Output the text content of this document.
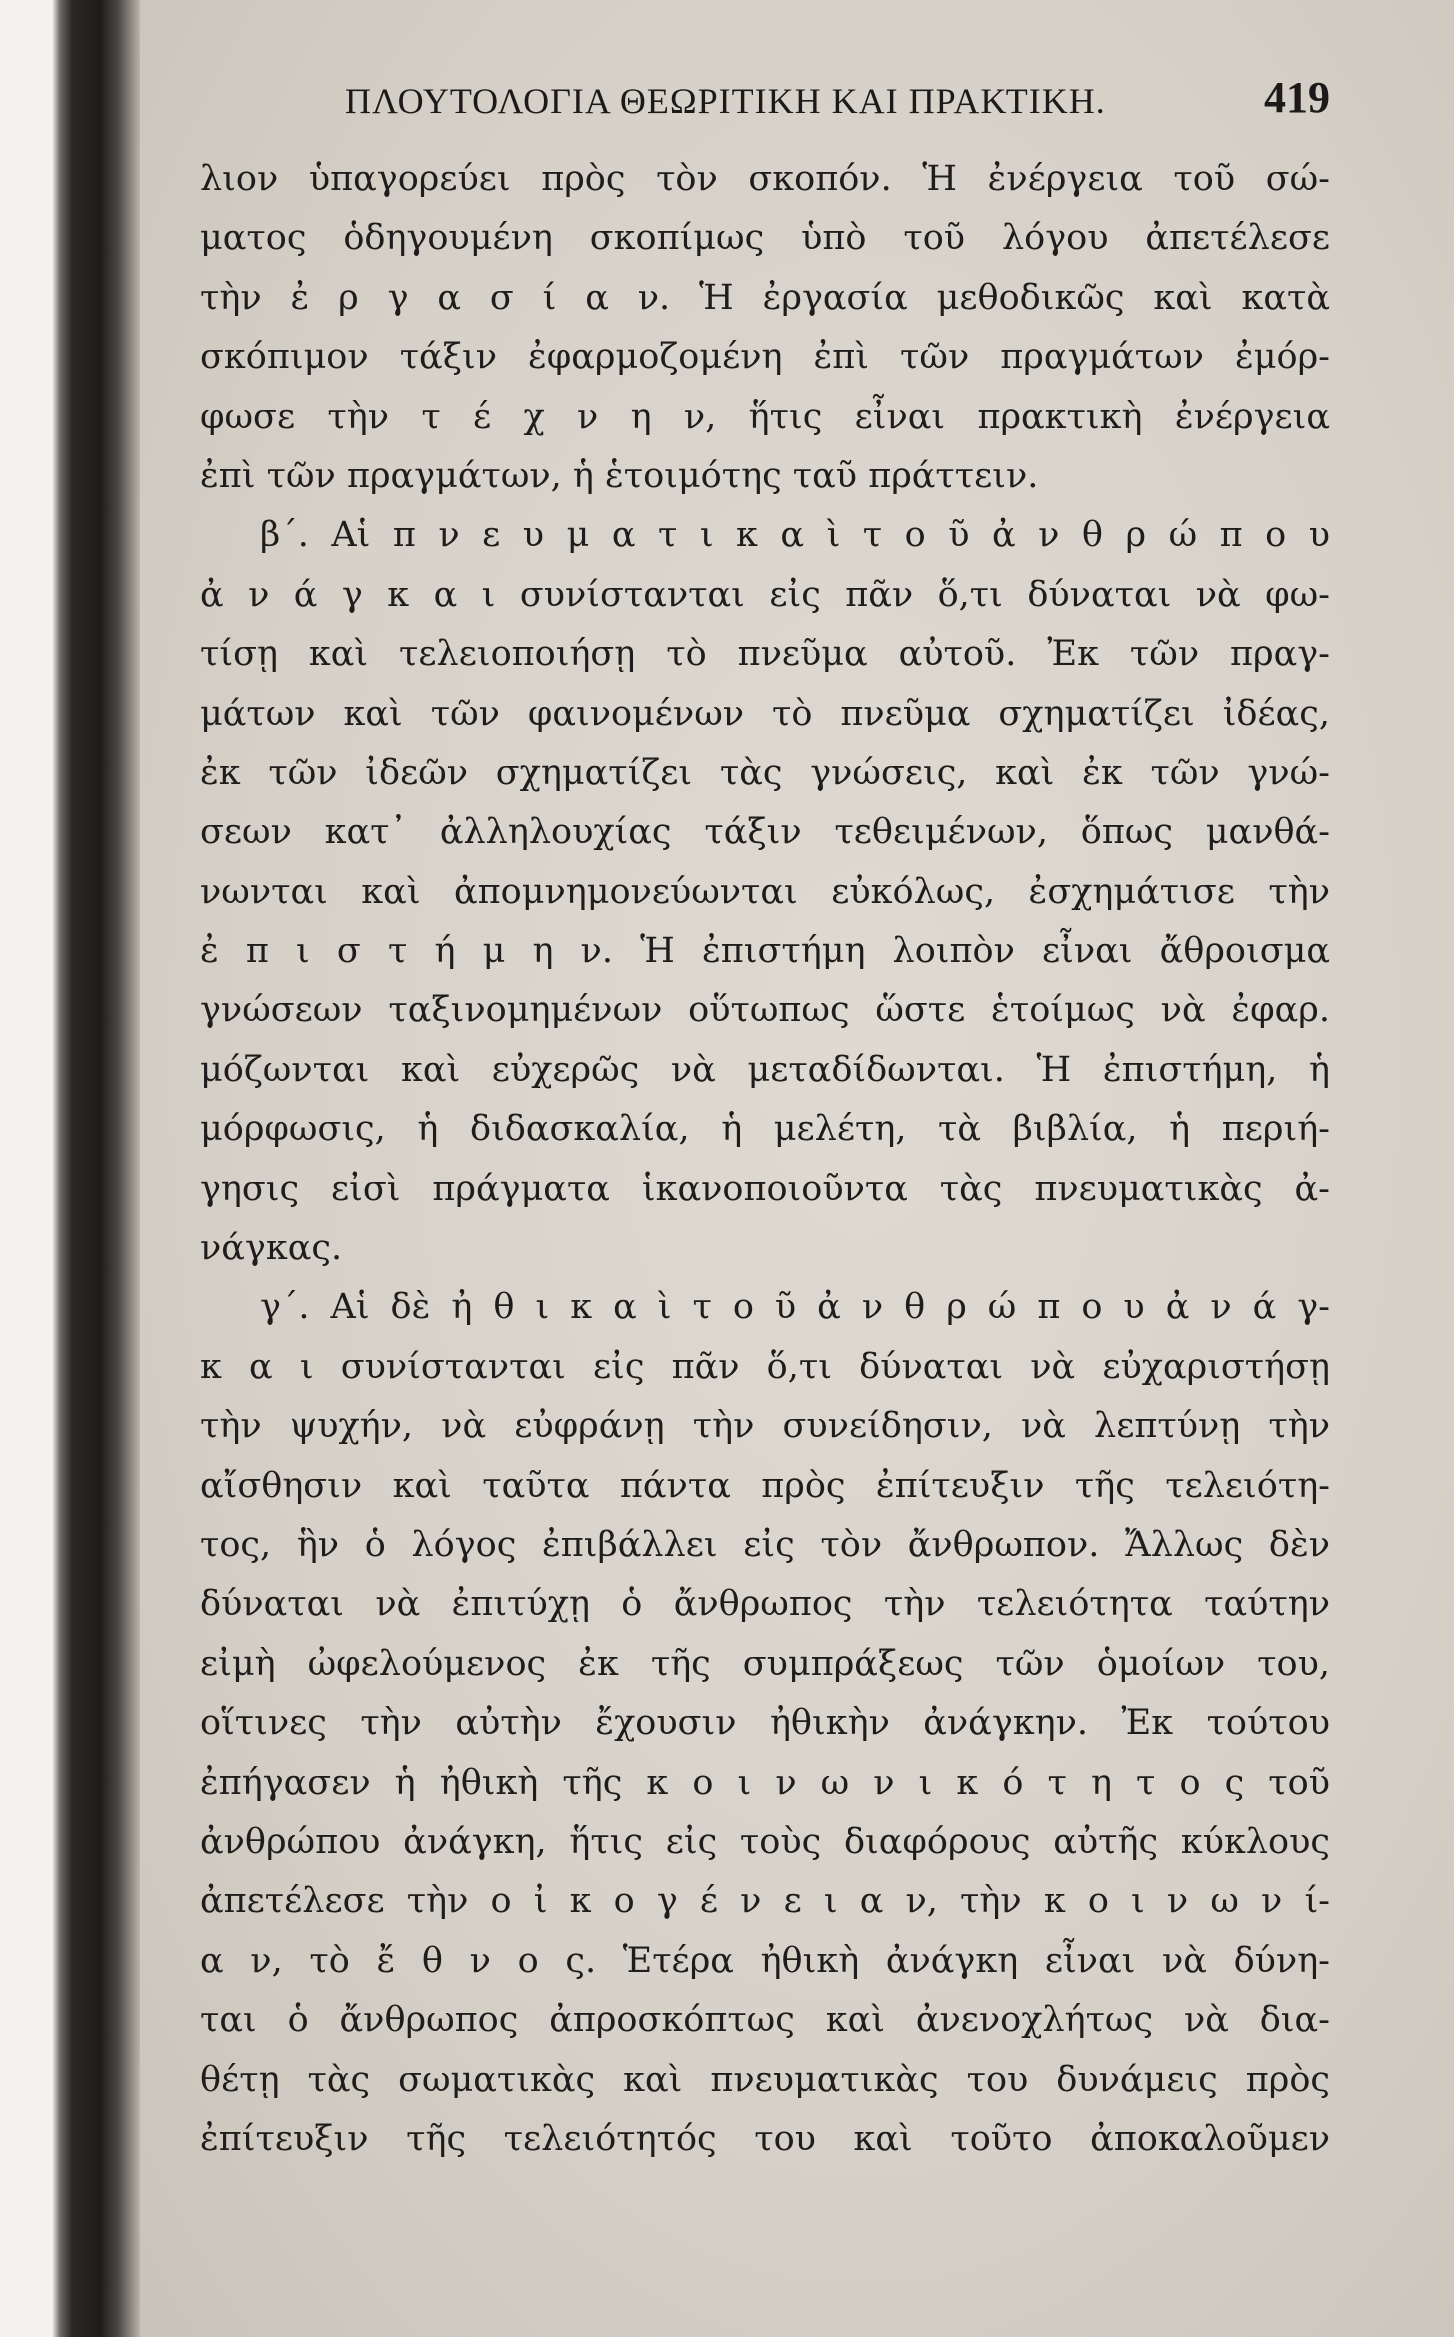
ΠΛΟΥΤΟΛΟΓΙΑ ΘΕΩΡΙΤΙΚΗ ΚΑΙ ΠΡΑΚΤΙΚΗ.	419
λιον ὑπαγορεύει πρὸς τὸν σκοπόν. Ἡ ἐνέργεια τοῦ σώ-
ματος ὁδηγουμένη σκοπίμως ὑπὸ τοῦ λόγου ἀπετέλεσε
τὴν ἐ ρ γ α σ ί α ν. Ἡ ἐργασία μεθοδικῶς καὶ κατὰ
σκόπιμον τάξιν ἐφαρμοζομένη ἐπὶ τῶν πραγμάτων ἐμόρ-
φωσε τὴν τ έ χ ν η ν, ἥτις εἶναι πρακτικὴ ἐνέργεια
ἐπὶ τῶν πραγμάτων, ἡ ἑτοιμότης ταῦ πράττειν.
β΄. Αἱ π ν ε υ μ α τ ι κ α ὶ τ ο ῦ ἀ ν θ ρ ώ π ο υ
ἀ ν ά γ κ α ι συνίστανται εἰς πᾶν ὅ,τι δύναται νὰ φω-
τίσῃ καὶ τελειοποιήσῃ τὸ πνεῦμα αὐτοῦ. Ἐκ τῶν πραγ-
μάτων καὶ τῶν φαινομένων τὸ πνεῦμα σχηματίζει ἰδέας,
ἐκ τῶν ἰδεῶν σχηματίζει τὰς γνώσεις, καὶ ἐκ τῶν γνώ-
σεων κατ᾽ ἀλληλουχίας τάξιν τεθειμένων, ὅπως μανθά-
νωνται καὶ ἀπομνημονεύωνται εὐκόλως, ἐσχημάτισε τὴν
ἐ π ι σ τ ή μ η ν. Ἡ ἐπιστήμη λοιπὸν εἶναι ἄθροισμα
γνώσεων ταξινομημένων οὕτωπως ὥστε ἑτοίμως νὰ ἐφαρ.
μόζωνται καὶ εὐχερῶς νὰ μεταδίδωνται. Ἡ ἐπιστήμη, ἡ
μόρφωσις, ἡ διδασκαλία, ἡ μελέτη, τὰ βιβλία, ἡ περιή-
γησις εἰσὶ πράγματα ἱκανοποιοῦντα τὰς πνευματικὰς ἀ-
νάγκας.
γ΄. Αἱ δὲ ἠ θ ι κ α ὶ τ ο ῦ ἀ ν θ ρ ώ π ο υ ἀ ν ά γ-
κ α ι συνίστανται εἰς πᾶν ὅ,τι δύναται νὰ εὐχαριστήσῃ
τὴν ψυχήν, νὰ εὐφράνῃ τὴν συνείδησιν, νὰ λεπτύνῃ τὴν
αἴσθησιν καὶ ταῦτα πάντα πρὸς ἐπίτευξιν τῆς τελειότη-
τος, ἣν ὁ λόγος ἐπιβάλλει εἰς τὸν ἄνθρωπον. Ἄλλως δὲν
δύναται νὰ ἐπιτύχῃ ὁ ἄνθρωπος τὴν τελειότητα ταύτην
εἰμὴ ὠφελούμενος ἐκ τῆς συμπράξεως τῶν ὁμοίων του,
οἵτινες τὴν αὐτὴν ἔχουσιν ἠθικὴν ἀνάγκην. Ἐκ τούτου
ἐπήγασεν ἡ ἠθικὴ τῆς κ ο ι ν ω ν ι κ ό τ η τ ο ς τοῦ
ἀνθρώπου ἀνάγκη, ἥτις εἰς τοὺς διαφόρους αὐτῆς κύκλους
ἀπετέλεσε τὴν ο ἰ κ ο γ έ ν ε ι α ν, τὴν κ ο ι ν ω ν ί-
α ν, τὸ ἔ θ ν ο ς. Ἑτέρα ἠθικὴ ἀνάγκη εἶναι νὰ δύνη-
ται ὁ ἄνθρωπος ἀπροσκόπτως καὶ ἀνενοχλήτως νὰ δια-
θέτῃ τὰς σωματικὰς καὶ πνευματικὰς του δυνάμεις πρὸς
ἐπίτευξιν τῆς τελειότητός του καὶ τοῦτο ἀποκαλοῦμεν
